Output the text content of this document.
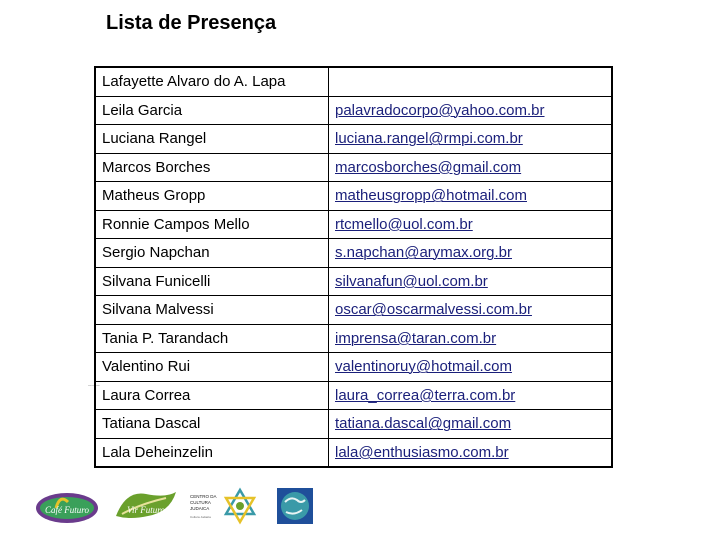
Lista de Presença
Lafayette Alvaro do A. Lapa	
Leila Garcia	palavradocorpo@yahoo.com.br
Luciana Rangel	luciana.rangel@rmpi.com.br
Marcos Borches	marcosborches@gmail.com
Matheus Gropp	matheusgropp@hotmail.com
Ronnie Campos Mello	rtcmello@uol.com.br
Sergio Napchan	s.napchan@arymax.org.br
Silvana Funicelli	silvanafun@uol.com.br
Silvana Malvessi	oscar@oscarmalvessi.com.br
Tania P. Tarandach	imprensa@taran.com.br
Valentino Rui	valentinoruy@hotmail.com
Laura Correa	laura_correa@terra.com.br
Tatiana Dascal	tatiana.dascal@gmail.com
Lala Deheinzelin	lala@enthusiasmo.com.br
Café Futuro	Vir Futuro
CENTRO DA
CULTURA
JUDAICA
Cultura Judaica
Centro da Cultura Judaica
